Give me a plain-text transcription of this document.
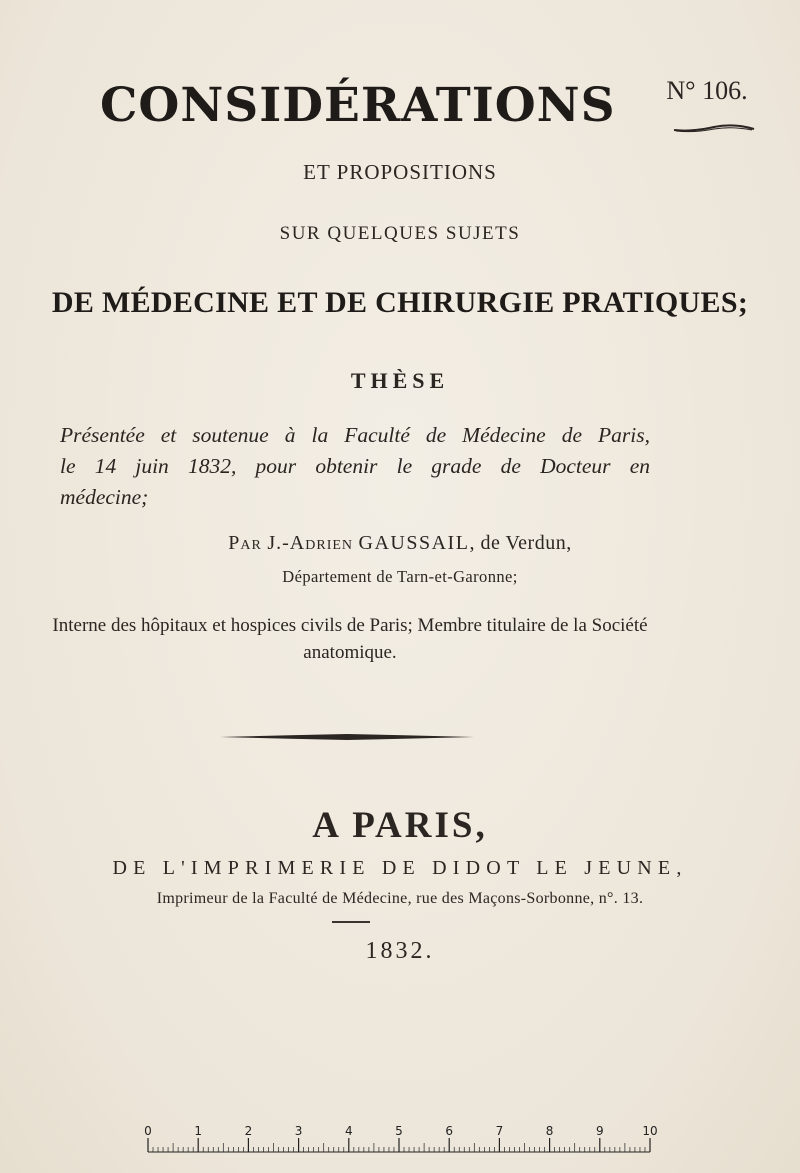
CONSIDÉRATIONS	N° 106.
ET PROPOSITIONS
SUR QUELQUES SUJETS
DE MÉDECINE ET DE CHIRURGIE PRATIQUES;
THÈSE
Présentée et soutenue à la Faculté de Médecine de Paris,
le 14 juin 1832, pour obtenir le grade de Docteur en
médecine;
Par J.-Adrien GAUSSAIL, de Verdun,
Département de Tarn-et-Garonne;
Interne des hôpitaux et hospices civils de Paris; Membre titulaire de la Société anatomique.
A PARIS,
DE L'IMPRIMERIE DE DIDOT LE JEUNE,
Imprimeur de la Faculté de Médecine, rue des Maçons-Sorbonne, n°. 13.
1832.
0	1	2	3	4	5	6	7	8	9	10
